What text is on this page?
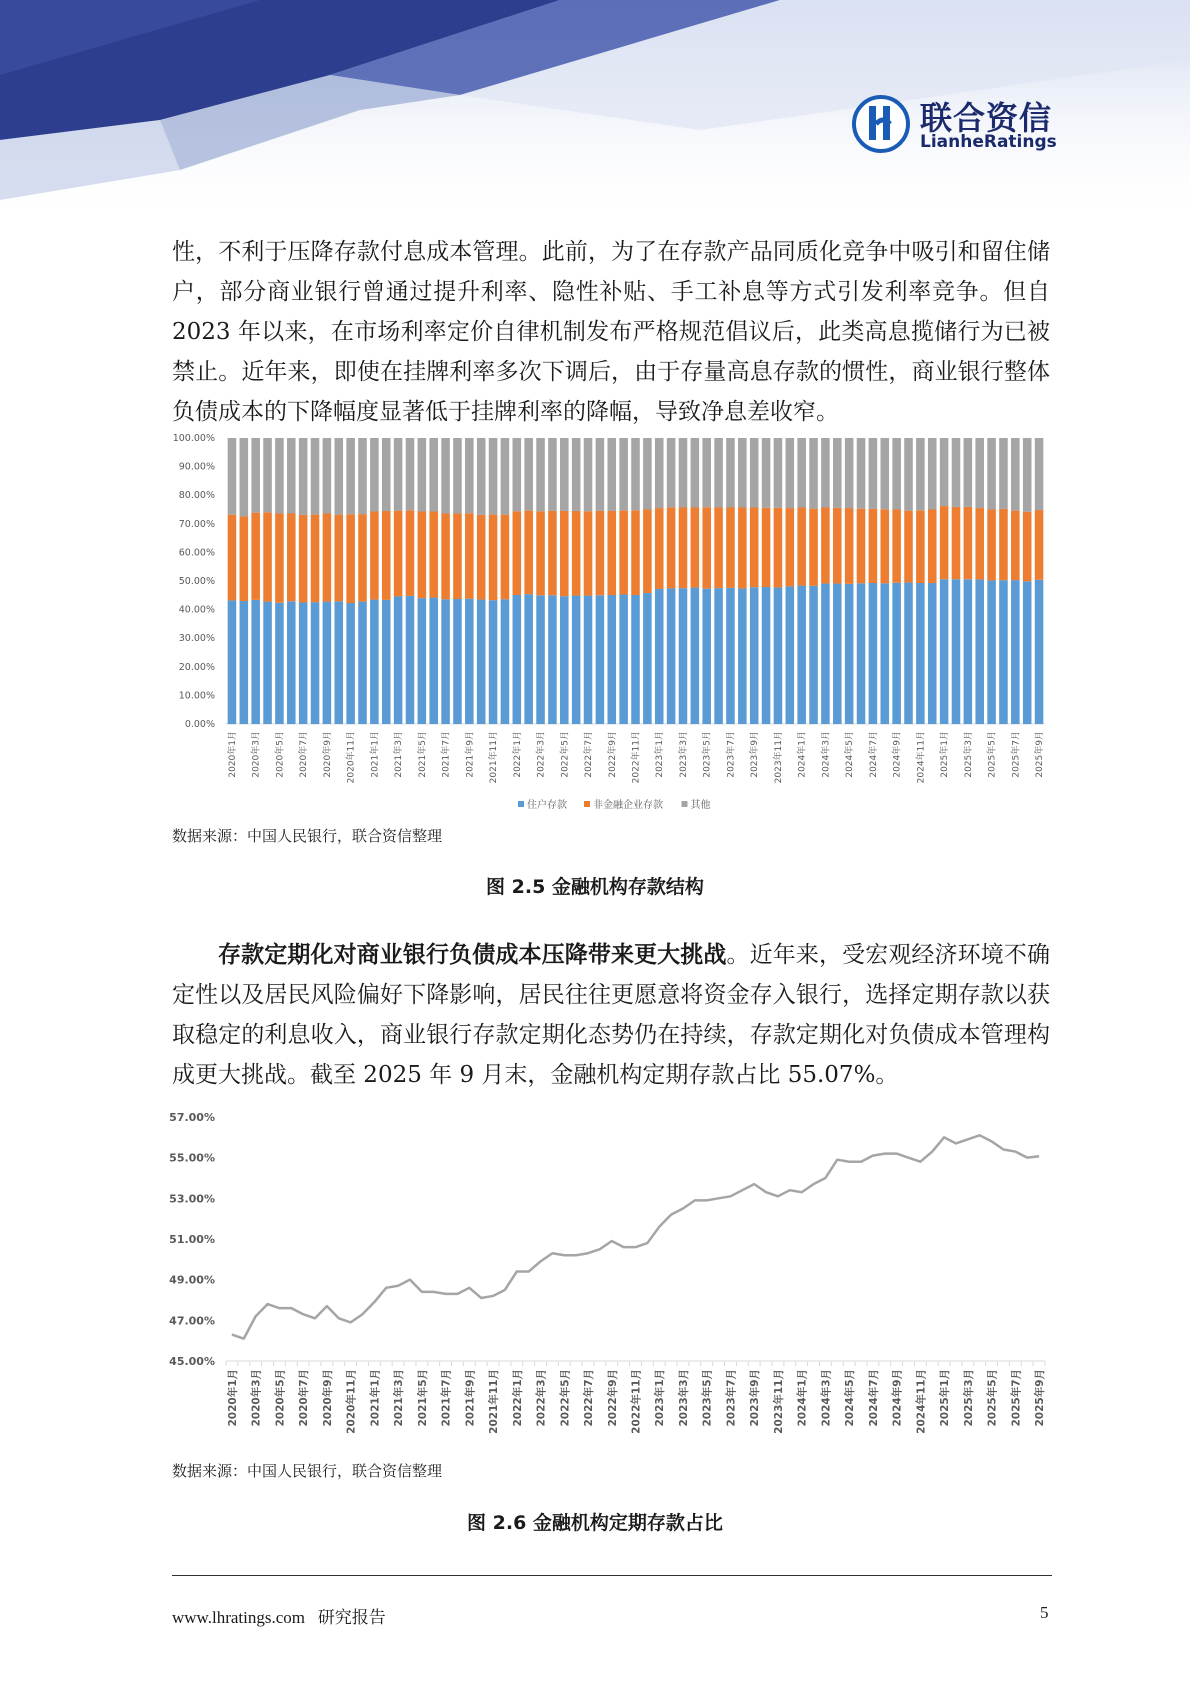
联合资信
LianheRatings
性，不利于压降存款付息成本管理。此前，为了在存款产品同质化竞争中吸引和留住储户，部分商业银行曾通过提升利率、隐性补贴、手工补息等方式引发利率竞争。但自 2023 年以来，在市场利率定价自律机制发布严格规范倡议后，此类高息揽储行为已被禁止。近年来，即使在挂牌利率多次下调后，由于存量高息存款的惯性，商业银行整体负债成本的下降幅度显著低于挂牌利率的降幅，导致净息差收窄。
0.00%
10.00%
20.00%
30.00%
40.00%
50.00%
60.00%
70.00%
80.00%
90.00%
100.00%
2020年1月 2020年3月 2020年5月 2020年7月 2020年9月 2020年11月 2021年1月 2021年3月 2021年5月 2021年7月 2021年9月 2021年11月 2022年1月 2022年3月 2022年5月 2022年7月 2022年9月 2022年11月 2023年1月 2023年3月 2023年5月 2023年7月 2023年9月 2023年11月 2024年1月 2024年3月 2024年5月 2024年7月 2024年9月 2024年11月 2025年1月 2025年3月 2025年5月 2025年7月 2025年9月
住户存款	非金融企业存款	其他
数据来源：中国人民银行，联合资信整理
图 2.5 金融机构存款结构
存款定期化对商业银行负债成本压降带来更大挑战。近年来，受宏观经济环境不确定性以及居民风险偏好下降影响，居民往往更愿意将资金存入银行，选择定期存款以获取稳定的利息收入，商业银行存款定期化态势仍在持续，存款定期化对负债成本管理构成更大挑战。截至 2025 年 9 月末，金融机构定期存款占比 55.07%。
45.00%
47.00%
49.00%
51.00%
53.00%
55.00%
57.00%
2020年1月 2020年3月 2020年5月 2020年7月 2020年9月 2020年11月 2021年1月 2021年3月 2021年5月 2021年7月 2021年9月 2021年11月 2022年1月 2022年3月 2022年5月 2022年7月 2022年9月 2022年11月 2023年1月 2023年3月 2023年5月 2023年7月 2023年9月 2023年11月 2024年1月 2024年3月 2024年5月 2024年7月 2024年9月 2024年11月 2025年1月 2025年3月 2025年5月 2025年7月 2025年9月
数据来源：中国人民银行，联合资信整理
图 2.6 金融机构定期存款占比
www.lhratings.com 研究报告	5
